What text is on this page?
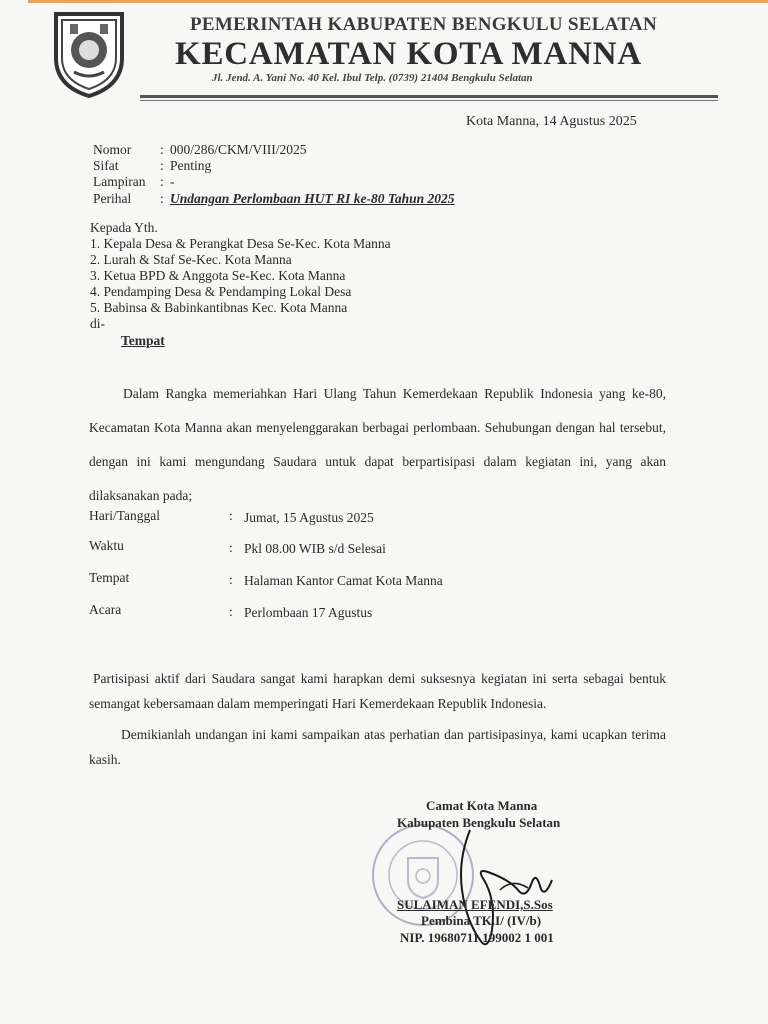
PEMERINTAH KABUPATEN BENGKULU SELATAN
KECAMATAN KOTA MANNA
Jl. Jend. A. Yani No. 40 Kel. Ibul Telp. (0739) 21404 Bengkulu Selatan
Kota Manna, 14 Agustus 2025
Nomor	: 000/286/CKM/VIII/2025
Sifat	: Penting
Lampiran	: -
Perihal	: Undangan Perlombaan HUT RI ke-80 Tahun 2025
Kepada Yth.
1. Kepala Desa & Perangkat Desa Se-Kec. Kota Manna
2. Lurah & Staf Se-Kec. Kota Manna
3. Ketua BPD & Anggota Se-Kec. Kota Manna
4. Pendamping Desa & Pendamping Lokal Desa
5. Babinsa & Babinkantibnas Kec. Kota Manna
di-
Tempat
Dalam Rangka memeriahkan Hari Ulang Tahun Kemerdekaan Republik Indonesia yang ke-80, Kecamatan Kota Manna akan menyelenggarakan berbagai perlombaan. Sehubungan dengan hal tersebut, dengan ini kami mengundang Saudara untuk dapat berpartisipasi dalam kegiatan ini, yang akan dilaksanakan pada;
Hari/Tanggal	: Jumat, 15 Agustus 2025
Waktu	: Pkl 08.00 WIB s/d Selesai
Tempat	: Halaman Kantor Camat Kota Manna
Acara	: Perlombaan 17 Agustus
Partisipasi aktif dari Saudara sangat kami harapkan demi suksesnya kegiatan ini serta sebagai bentuk semangat kebersamaan dalam memperingati Hari Kemerdekaan Republik Indonesia.
Demikianlah undangan ini kami sampaikan atas perhatian dan partisipasinya, kami ucapkan terima kasih.
Camat Kota Manna
Kabupaten Bengkulu Selatan
SULAIMAN EFENDI,S.Sos
Pembina TK.I/ (IV/b)
NIP. 19680711 199002 1 001
